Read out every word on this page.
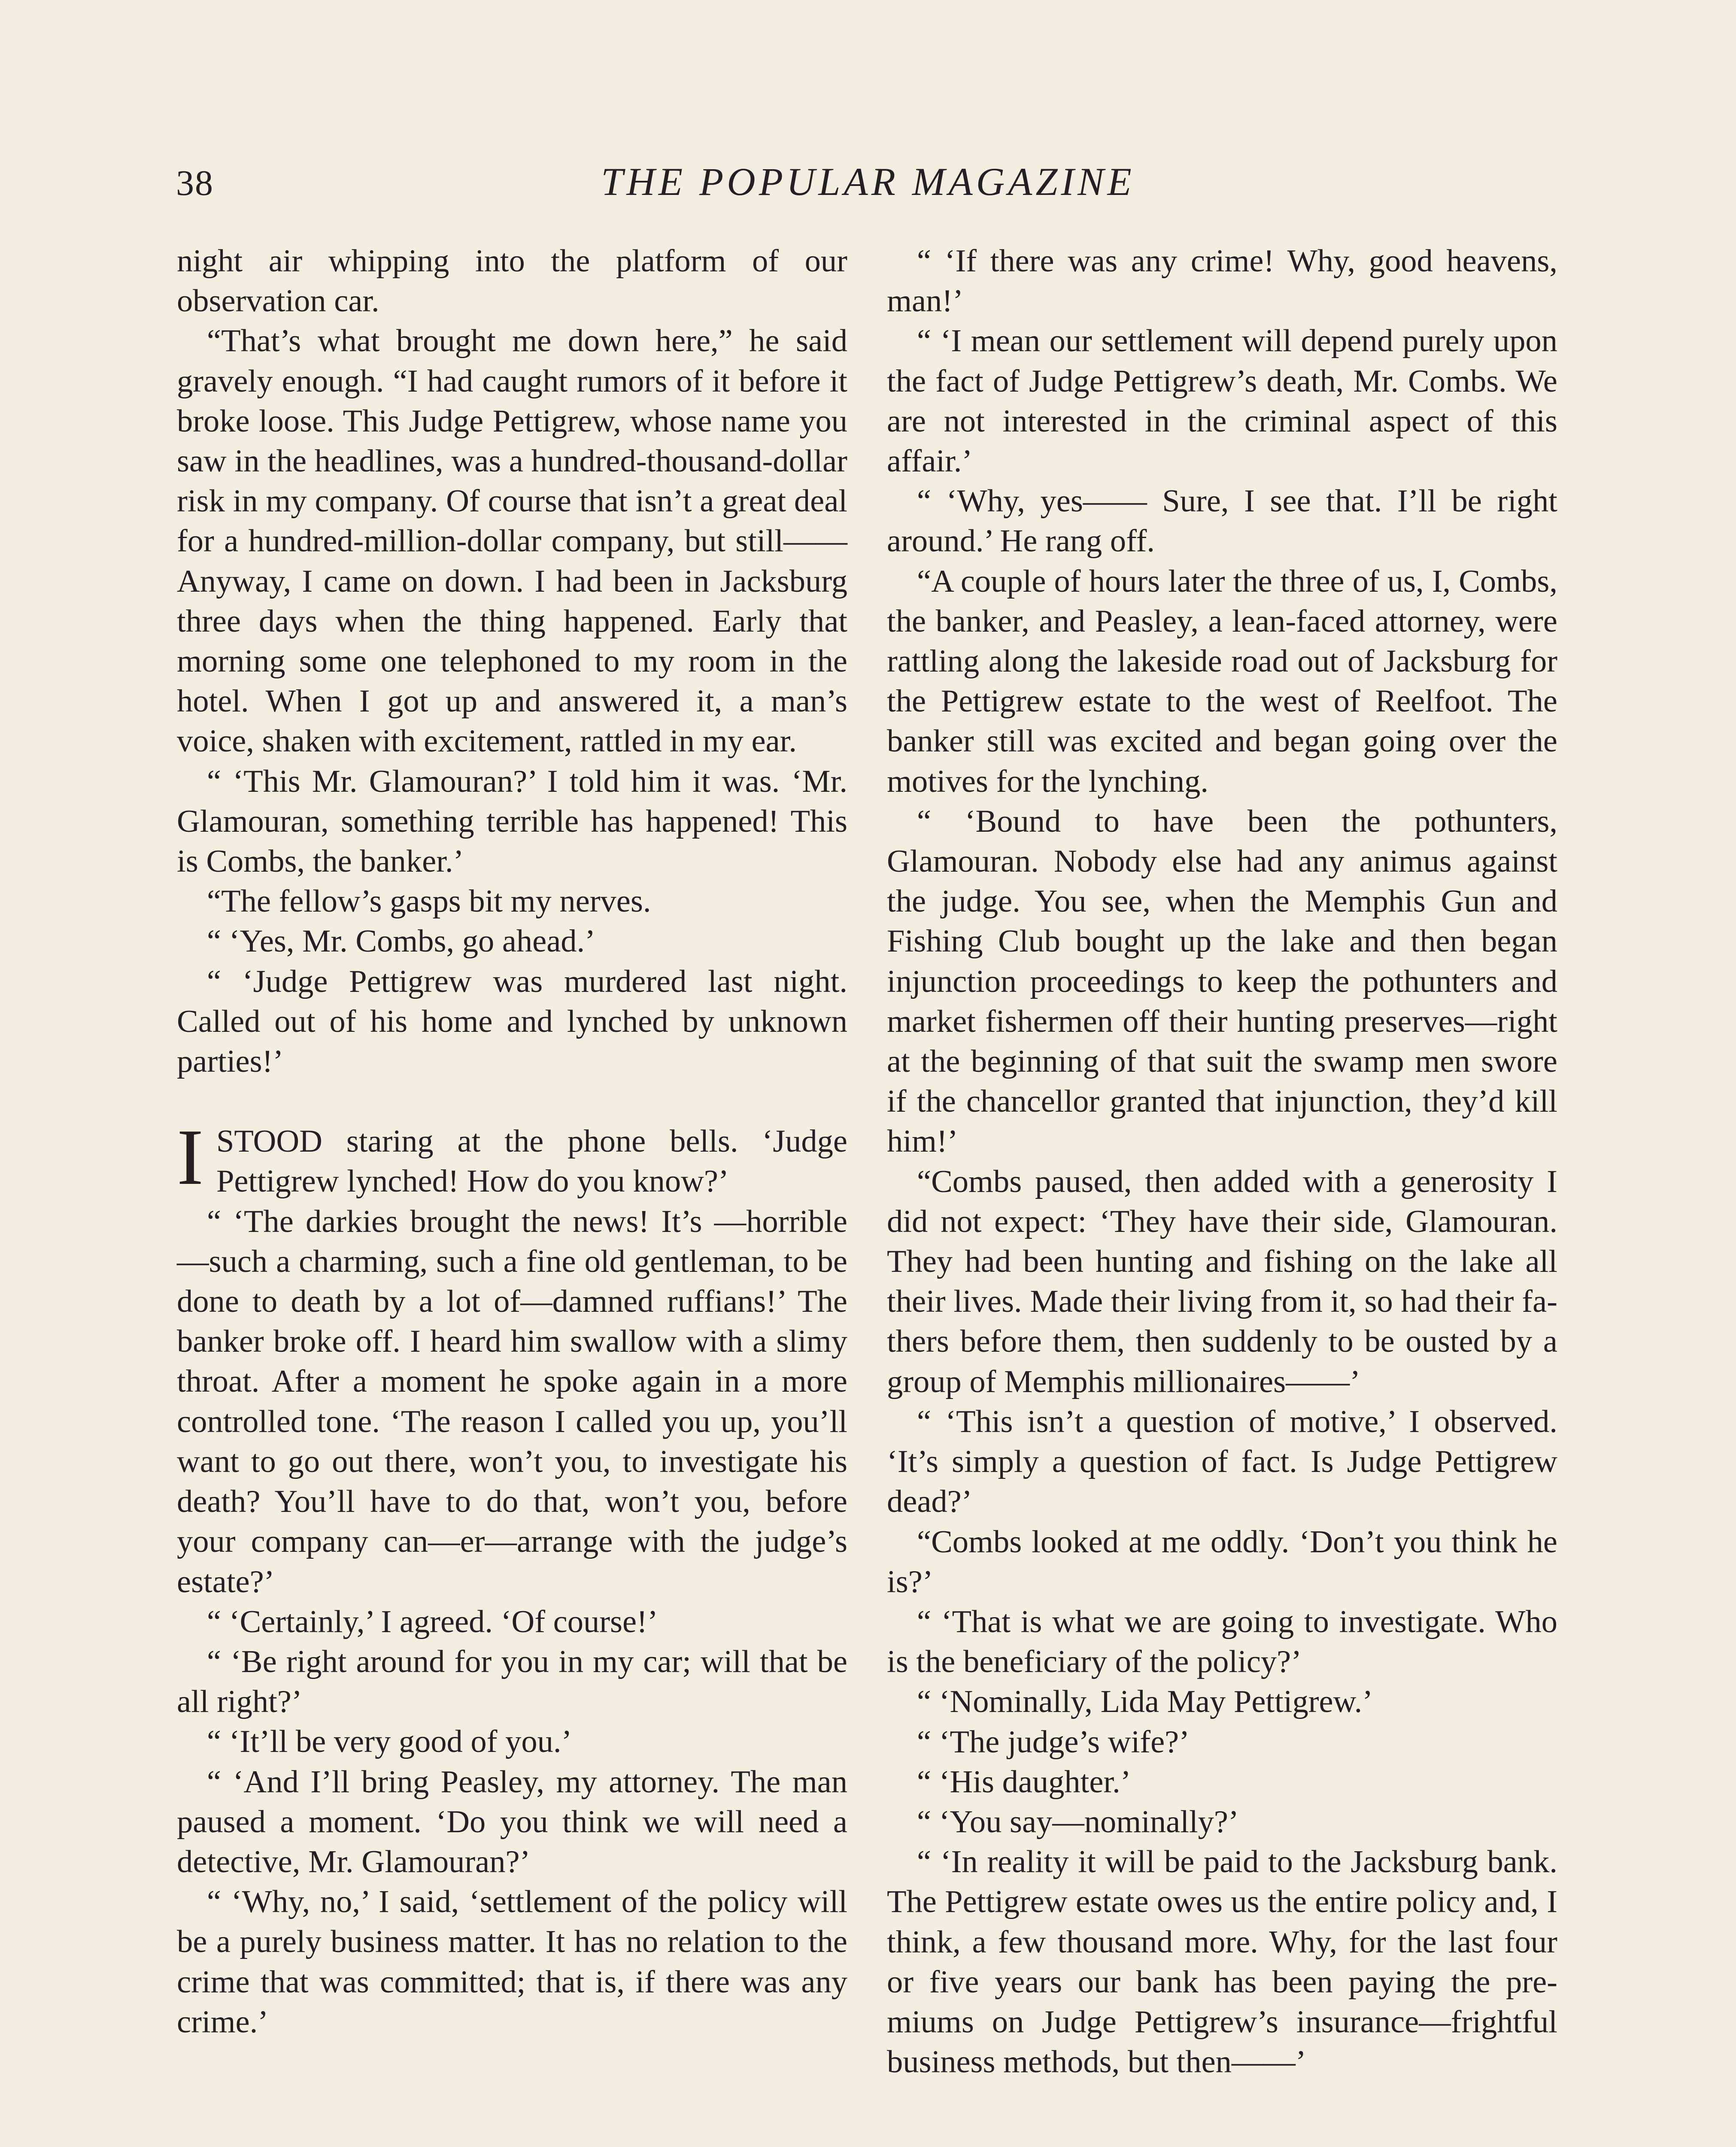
38	THE POPULAR MAGAZINE

night air whipping into the platform of our observation car.

“That’s what brought me down here,” he said gravely enough. “I had caught rumors of it before it broke loose. This Judge Pettigrew, whose name you saw in the headlines, was a hundred-thousand-dollar risk in my company. Of course that isn’t a great deal for a hundred-million-dollar company, but still—— Anyway, I came on down. I had been in Jacksburg three days when the thing happened. Early that morning some one telephoned to my room in the hotel. When I got up and answered it, a man’s voice, shaken with excitement, rattled in my ear.

“ ‘This Mr. Glamouran?’ I told him it was. ‘Mr. Glamouran, something terrible has happened! This is Combs, the banker.’

“The fellow’s gasps bit my nerves.

“ ‘Yes, Mr. Combs, go ahead.’

“ ‘Judge Pettigrew was murdered last night. Called out of his home and lynched by unknown parties!’

ISTOOD staring at the phone bells. ‘Judge Pettigrew lynched! How do you know?’

“ ‘The darkies brought the news! It’s —horrible—such a charming, such a fine old gentleman, to be done to death by a lot of—damned ruffians!’ The banker broke off. I heard him swallow with a slimy throat. After a moment he spoke again in a more controlled tone. ‘The reason I called you up, you’ll want to go out there, won’t you, to investigate his death? You’ll have to do that, won’t you, before your company can—er—arrange with the judge’s estate?’

“ ‘Certainly,’ I agreed. ‘Of course!’

“ ‘Be right around for you in my car; will that be all right?’

“ ‘It’ll be very good of you.’

“ ‘And I’ll bring Peasley, my attorney. The man paused a moment. ‘Do you think we will need a detective, Mr. Glamouran?’

“ ‘Why, no,’ I said, ‘settlement of the policy will be a purely business matter. It has no relation to the crime that was committed; that is, if there was any crime.’

“ ‘If there was any crime! Why, good heavens, man!’

“ ‘I mean our settlement will depend purely upon the fact of Judge Pettigrew’s death, Mr. Combs. We are not interested in the criminal aspect of this affair.’

“ ‘Why, yes—— Sure, I see that. I’ll be right around.’ He rang off.

“A couple of hours later the three of us, I, Combs, the banker, and Peasley, a lean-faced attorney, were rattling along the lakeside road out of Jacksburg for the Pettigrew estate to the west of Reelfoot. The banker still was excited and began going over the motives for the lynching.

“ ‘Bound to have been the pothunters, Glamouran. Nobody else had any animus against the judge. You see, when the Memphis Gun and Fishing Club bought up the lake and then began injunction proceedings to keep the pothunters and market fishermen off their hunting preserves—right at the beginning of that suit the swamp men swore if the chancellor granted that injunction, they’d kill him!’

“Combs paused, then added with a generosity I did not expect: ‘They have their side, Glamouran. They had been hunting and fishing on the lake all their lives. Made their living from it, so had their fathers before them, then suddenly to be ousted by a group of Memphis millionaires——’

“ ‘This isn’t a question of motive,’ I observed. ‘It’s simply a question of fact. Is Judge Pettigrew dead?’

“Combs looked at me oddly. ‘Don’t you think he is?’

“ ‘That is what we are going to investigate. Who is the beneficiary of the policy?’

“ ‘Nominally, Lida May Pettigrew.’

“ ‘The judge’s wife?’

“ ‘His daughter.’

“ ‘You say—nominally?’

“ ‘In reality it will be paid to the Jacksburg bank. The Pettigrew estate owes us the entire policy and, I think, a few thousand more. Why, for the last four or five years our bank has been paying the premiums on Judge Pettigrew’s insurance—frightful business methods, but then——’
